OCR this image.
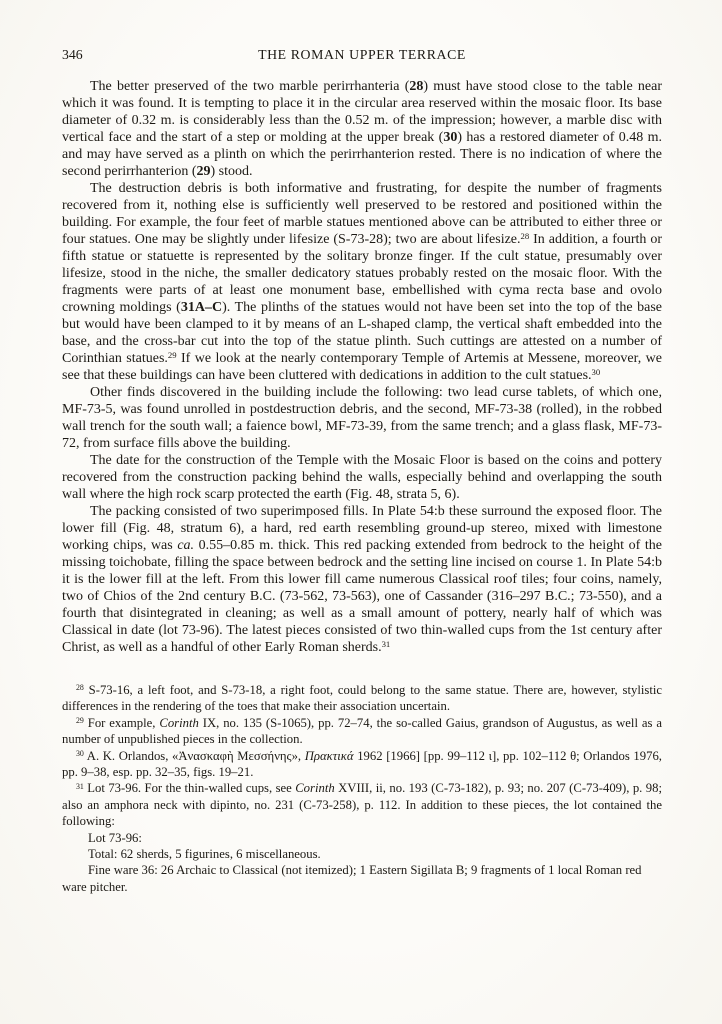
346	THE ROMAN UPPER TERRACE

The better preserved of the two marble perirrhanteria (28) must have stood close to the table near which it was found. It is tempting to place it in the circular area reserved within the mosaic floor. Its base diameter of 0.32 m. is considerably less than the 0.52 m. of the impression; however, a marble disc with vertical face and the start of a step or molding at the upper break (30) has a restored diameter of 0.48 m. and may have served as a plinth on which the perirrhanterion rested. There is no indication of where the second perirrhanterion (29) stood.

The destruction debris is both informative and frustrating, for despite the number of fragments recovered from it, nothing else is sufficiently well preserved to be restored and positioned within the building. For example, the four feet of marble statues mentioned above can be attributed to either three or four statues. One may be slightly under lifesize (S-73-28); two are about lifesize.$^{28}$ In addition, a fourth or fifth statue or statuette is represented by the solitary bronze finger. If the cult statue, presumably over lifesize, stood in the niche, the smaller dedicatory statues probably rested on the mosaic floor. With the fragments were parts of at least one monument base, embellished with cyma recta base and ovolo crowning moldings (31A–C). The plinths of the statues would not have been set into the top of the base but would have been clamped to it by means of an L-shaped clamp, the vertical shaft embedded into the base, and the cross-bar cut into the top of the statue plinth. Such cuttings are attested on a number of Corinthian statues.$^{29}$ If we look at the nearly contemporary Temple of Artemis at Messene, moreover, we see that these buildings can have been cluttered with dedications in addition to the cult statues.$^{30}$

Other finds discovered in the building include the following: two lead curse tablets, of which one, MF-73-5, was found unrolled in postdestruction debris, and the second, MF-73-38 (rolled), in the robbed wall trench for the south wall; a faience bowl, MF-73-39, from the same trench; and a glass flask, MF-73-72, from surface fills above the building.

The date for the construction of the Temple with the Mosaic Floor is based on the coins and pottery recovered from the construction packing behind the walls, especially behind and overlapping the south wall where the high rock scarp protected the earth (Fig. 48, strata 5, 6).

The packing consisted of two superimposed fills. In Plate 54:b these surround the exposed floor. The lower fill (Fig. 48, stratum 6), a hard, red earth resembling ground-up stereo, mixed with limestone working chips, was ca. 0.55–0.85 m. thick. This red packing extended from bedrock to the height of the missing toichobate, filling the space between bedrock and the setting line incised on course 1. In Plate 54:b it is the lower fill at the left. From this lower fill came numerous Classical roof tiles; four coins, namely, two of Chios of the 2nd century B.C. (73-562, 73-563), one of Cassander (316–297 B.C.; 73-550), and a fourth that disintegrated in cleaning; as well as a small amount of pottery, nearly half of which was Classical in date (lot 73-96). The latest pieces consisted of two thin-walled cups from the 1st century after Christ, as well as a handful of other Early Roman sherds.$^{31}$

$^{28}$ S-73-16, a left foot, and S-73-18, a right foot, could belong to the same statue. There are, however, stylistic differences in the rendering of the toes that make their association uncertain.

$^{29}$ For example, Corinth IX, no. 135 (S-1065), pp. 72–74, the so-called Gaius, grandson of Augustus, as well as a number of unpublished pieces in the collection.

$^{30}$ A. K. Orlandos, «Ἀνασκαφὴ Μεσσήνης», Πρακτικά 1962 [1966] [pp. 99–112 ι], pp. 102–112 θ; Orlandos 1976, pp. 9–38, esp. pp. 32–35, figs. 19–21.

$^{31}$ Lot 73-96. For the thin-walled cups, see Corinth XVIII, ii, no. 193 (C-73-182), p. 93; no. 207 (C-73-409), p. 98; also an amphora neck with dipinto, no. 231 (C-73-258), p. 112. In addition to these pieces, the lot contained the following:

Lot 73-96:

Total: 62 sherds, 5 figurines, 6 miscellaneous.

Fine ware 36: 26 Archaic to Classical (not itemized); 1 Eastern Sigillata B; 9 fragments of 1 local Roman red ware pitcher.
